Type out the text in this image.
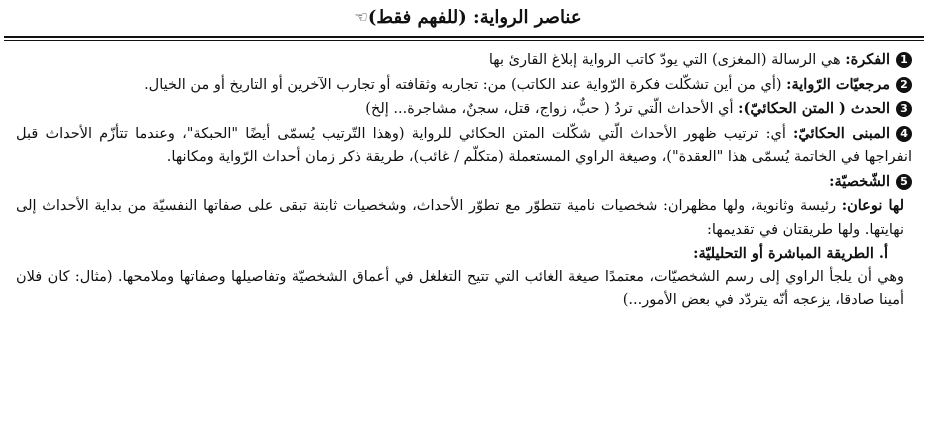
عناصر الرواية: (للفهم فقط)
☜

1الفكرة: هي الرسالة (المغزى) التي يودّ كاتب الرواية إبلاغ القارئ بها

2مرجعيّات الرّواية: (أي من أين تشكّلت فكرة الرّواية عند الكاتب) من: تجاربه وثقافته أو تجارب الآخرين أو التاريخ أو من الخيال.

3الحدث ( المتن الحكائيّ): أي الأحداث الّتي تردُ ( حبٌّ، زواج، قتل، سجنٌ، مشاجرة... إلخ)

4المبنى الحكائيّ: أي: ترتيب ظهور الأحداث الّتي شكّلت المتن الحكائي للرواية (وهذا التّرتيب يُسمّى أيضًا "الحبكة"، وعندما تتأزّم الأحداث قبل انفراجها في الخاتمة يُسمّى هذا "العقدة")، وصيغة الراوي المستعملة (متكلّم / غائب)، طريقة ذكر زمان أحداث الرّواية ومكانها.

5الشّخصيّة:

لها نوعان: رئيسة وثانوية، ولها مظهران: شخصيات نامية تتطوّر مع تطوّر الأحداث، وشخصيات ثابتة تبقى على صفاتها النفسيّة من بداية الأحداث إلى نهايتها. ولها طريقتان في تقديمها:

أ. الطريقة المباشرة أو التحليليّة:

وهي أن يلجأ الراوي إلى رسم الشخصيّات، معتمدًا صيغة الغائب التي تتيح التغلغل في أعماق الشخصيّة وتفاصيلها وصفاتها وملامحها. (مثال: كان فلان أمينا صادقا، يزعجه أنّه يتردّد في بعض الأمور...)
